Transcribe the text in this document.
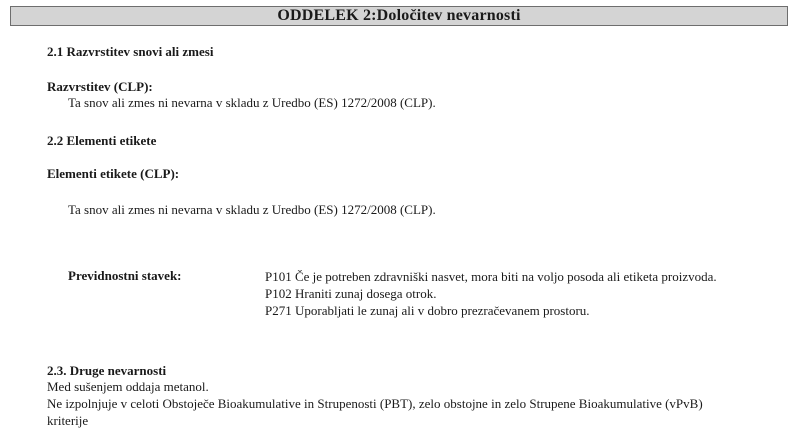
ODDELEK 2:Določitev nevarnosti
2.1 Razvrstitev snovi ali zmesi
Razvrstitev (CLP):
Ta snov ali zmes ni nevarna v skladu z Uredbo (ES) 1272/2008 (CLP).
2.2 Elementi etikete
Elementi etikete (CLP):
Ta snov ali zmes ni nevarna v skladu z Uredbo (ES) 1272/2008 (CLP).
Previdnostni stavek:	P101 Če je potreben zdravniški nasvet, mora biti na voljo posoda ali etiketa proizvoda.
P102 Hraniti zunaj dosega otrok.
P271 Uporabljati le zunaj ali v dobro prezračevanem prostoru.
2.3. Druge nevarnosti
Med sušenjem oddaja metanol.
Ne izpolnjuje v celoti Obstoječe Bioakumulative in Strupenosti (PBT), zelo obstojne in zelo Strupene Bioakumulative (vPvB)
kriterije
